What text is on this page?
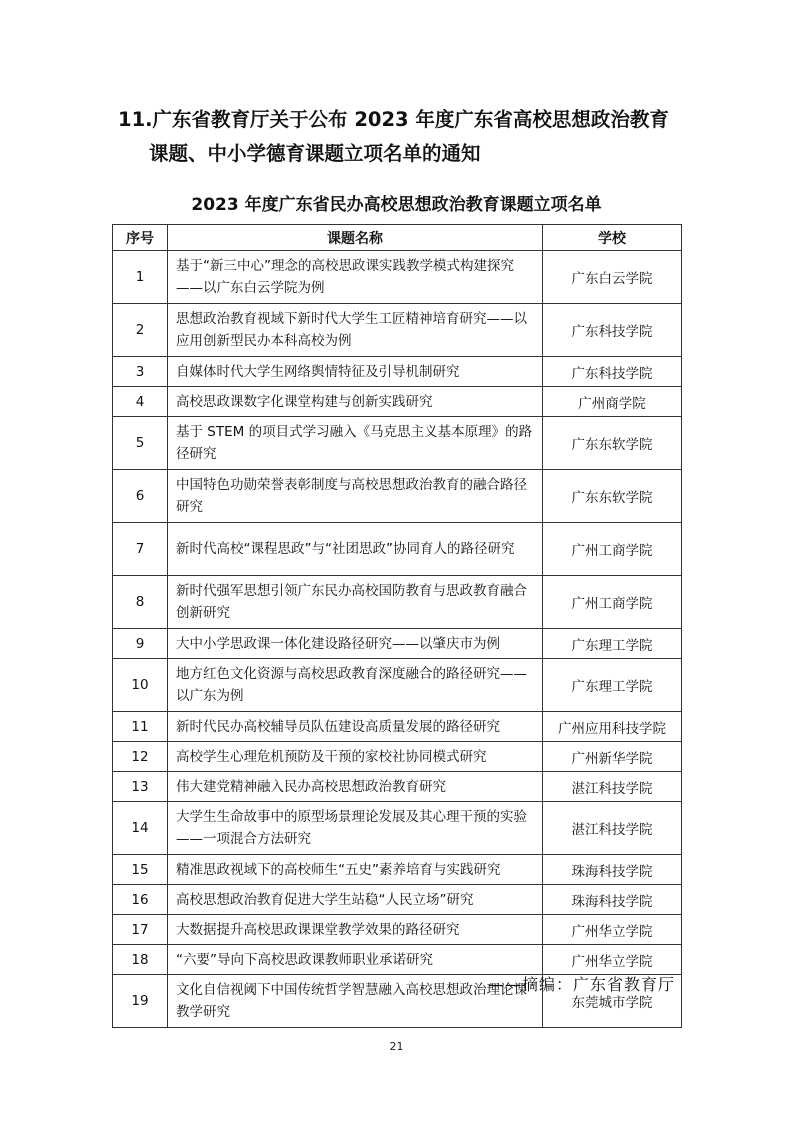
11.广东省教育厅关于公布 2023 年度广东省高校思想政治教育
课题、中小学德育课题立项名单的通知
2023 年度广东省民办高校思想政治教育课题立项名单
序号	课题名称	学校
1	基于“新三中心”理念的高校思政课实践教学模式构建探究——以广东白云学院为例	广东白云学院
2	思想政治教育视域下新时代大学生工匠精神培育研究——以应用创新型民办本科高校为例	广东科技学院
3	自媒体时代大学生网络舆情特征及引导机制研究	广东科技学院
4	高校思政课数字化课堂构建与创新实践研究	广州商学院
5	基于 STEM 的项目式学习融入《马克思主义基本原理》的路径研究	广东东软学院
6	中国特色功勋荣誉表彰制度与高校思想政治教育的融合路径研究	广东东软学院
7	新时代高校“课程思政”与“社团思政”协同育人的路径研究	广州工商学院
8	新时代强军思想引领广东民办高校国防教育与思政教育融合创新研究	广州工商学院
9	大中小学思政课一体化建设路径研究——以肇庆市为例	广东理工学院
10	地方红色文化资源与高校思政教育深度融合的路径研究——以广东为例	广东理工学院
11	新时代民办高校辅导员队伍建设高质量发展的路径研究	广州应用科技学院
12	高校学生心理危机预防及干预的家校社协同模式研究	广州新华学院
13	伟大建党精神融入民办高校思想政治教育研究	湛江科技学院
14	大学生生命故事中的原型场景理论发展及其心理干预的实验——一项混合方法研究	湛江科技学院
15	精准思政视域下的高校师生“五史”素养培育与实践研究	珠海科技学院
16	高校思想政治教育促进大学生站稳“人民立场”研究	珠海科技学院
17	大数据提升高校思政课课堂教学效果的路径研究	广州华立学院
18	“六要”导向下高校思政课教师职业承诺研究	广州华立学院
19	文化自信视阈下中国传统哲学智慧融入高校思想政治理论课教学研究	东莞城市学院
——摘编：广东省教育厅
21
